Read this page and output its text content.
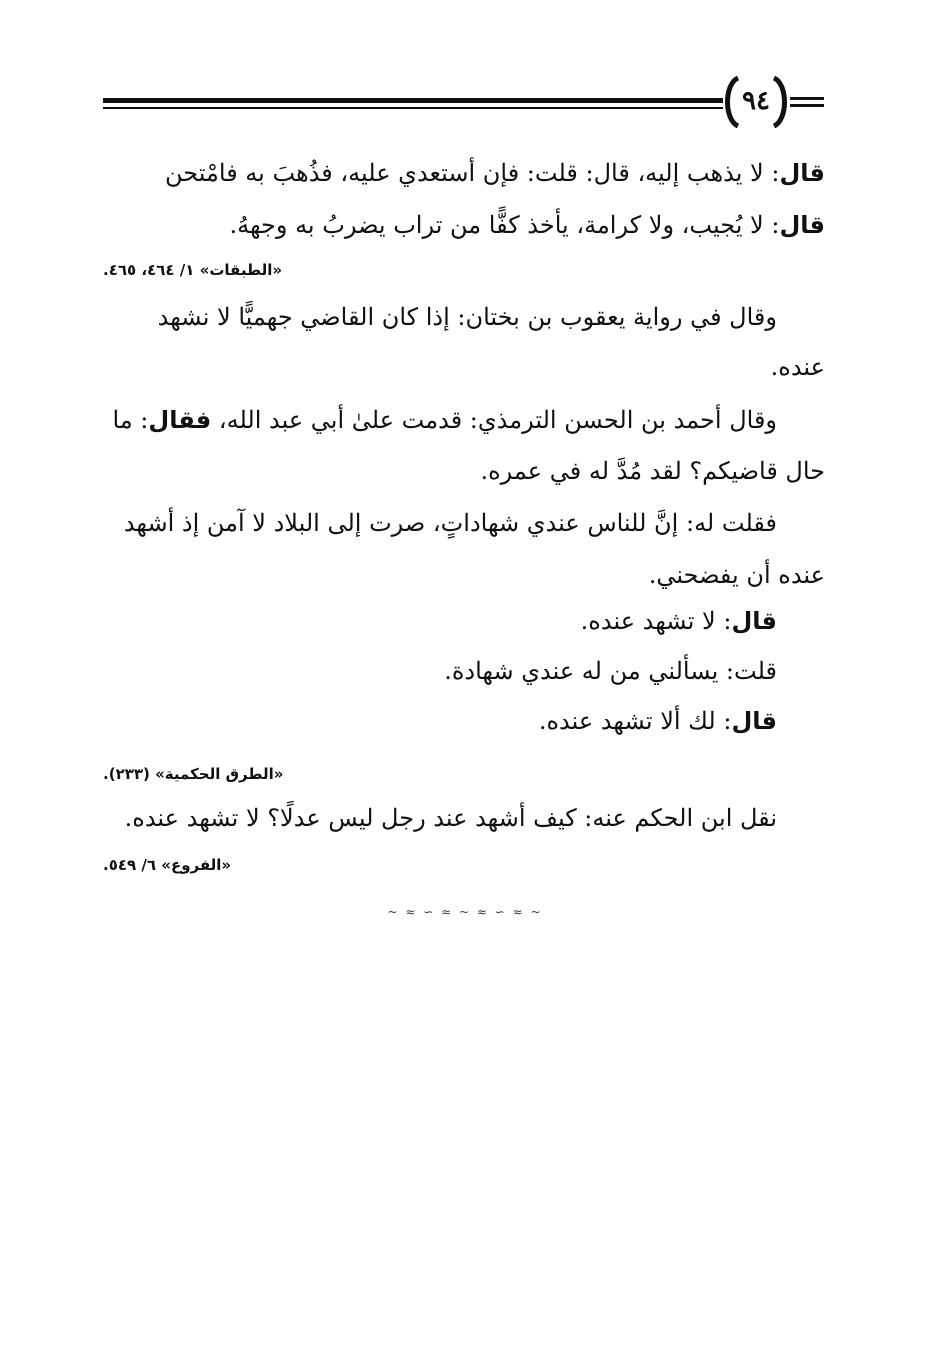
٩٤
قال: لا يذهب إليه، قال: قلت: فإن أستعدي عليه، فذُهبَ به فامْتحن
قال: لا يُجيب، ولا كرامة، يأخذ كفًّا من تراب يضربُ به وجههُ.
«الطبقات» ١/ ٤٦٤، ٤٦٥.
وقال في رواية يعقوب بن بختان: إذا كان القاضي جهميًّا لا نشهد
عنده.
وقال أحمد بن الحسن الترمذي: قدمت علىٰ أبي عبد الله، فقال: ما
حال قاضيكم؟ لقد مُدَّ له في عمره.
فقلت له: إنَّ للناس عندي شهاداتٍ، صرت إلى البلاد لا آمن إذ أشهد
عنده أن يفضحني.
قال: لا تشهد عنده.
قلت: يسألني من له عندي شهادة.
قال: لك ألا تشهد عنده.
«الطرق الحكمية» (٢٣٣).
نقل ابن الحكم عنه: كيف أشهد عند رجل ليس عدلًا؟ لا تشهد عنده.
«الفروع» ٦/ ٥٤٩.
~ ≈ ∽ ≈ ~ ≈ ∽ ≈ ~
